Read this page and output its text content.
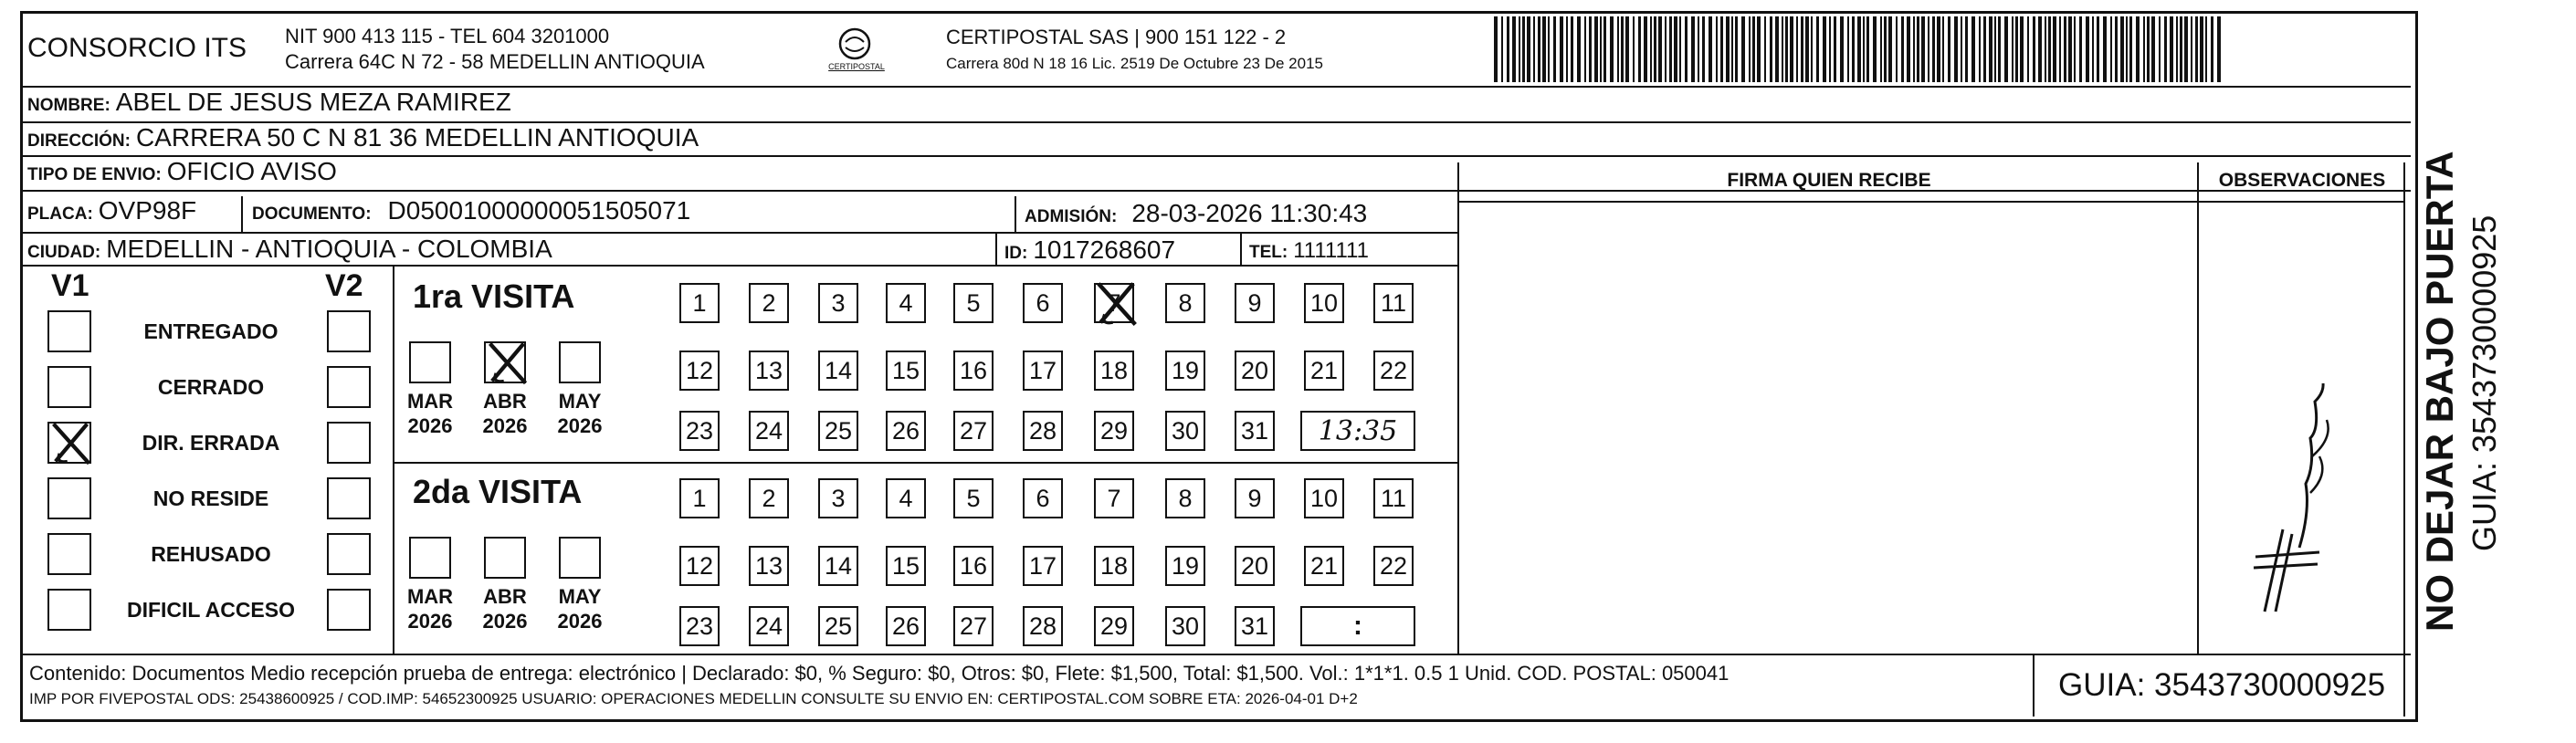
CONSORCIO ITS NIT 900 413 115 - TEL 604 3201000
Carrera 64C N 72 - 58 MEDELLIN ANTIOQUIA	CERTIPOSTAL
CERTIPOSTAL SAS | 900 151 122 - 2
Carrera 80d N 18 16 Lic. 2519 De Octubre 23 De 2015
NOMBRE: ABEL DE JESUS MEZA RAMIREZ
DIRECCIÓN: CARRERA 50 C N 81 36 MEDELLIN ANTIOQUIA
TIPO DE ENVIO: OFICIO AVISO
PLACA: OVP98F	DOCUMENTO: D05001000000051505071	ADMISIÓN: 28-03-2026 11:30:43
CIUDAD: MEDELLIN - ANTIOQUIA - COLOMBIA	ID: 1017268607	TEL: 1111111
FIRMA QUIEN RECIBE	OBSERVACIONES
V1	V2
ENTREGADO
CERRADO
DIR. ERRADA
NO RESIDE
REHUSADO
DIFICIL ACCESO
1ra VISITA
MAR
2026
ABR
2026
MAY
2026
1	2	3	4	5	6	7	8	9	10 11
12 13 14 15 16 17 18 19 20 21 22
23 24 25 26 27 28 29 30 31	13:35
2da VISITA
MAR
2026
ABR
2026
MAY
2026
1	2	3	4	5	6	7	8	9	10 11
12 13 14 15 16 17 18 19 20 21 22
23 24 25 26 27 28 29 30 31	:
Contenido: Documentos Medio recepción prueba de entrega: electrónico | Declarado: $0, % Seguro: $0, Otros: $0, Flete: $1,500, Total: $1,500. Vol.: 1*1*1. 0.5 1 Unid. COD. POSTAL: 050041
IMP POR FIVEPOSTAL ODS: 25438600925 / COD.IMP: 54652300925 USUARIO: OPERACIONES MEDELLIN CONSULTE SU ENVIO EN: CERTIPOSTAL.COM SOBRE ETA: 2026-04-01 D+2	GUIA: 3543730000925
NO DEJAR BAJO PUERTA GUIA: 3543730000925
